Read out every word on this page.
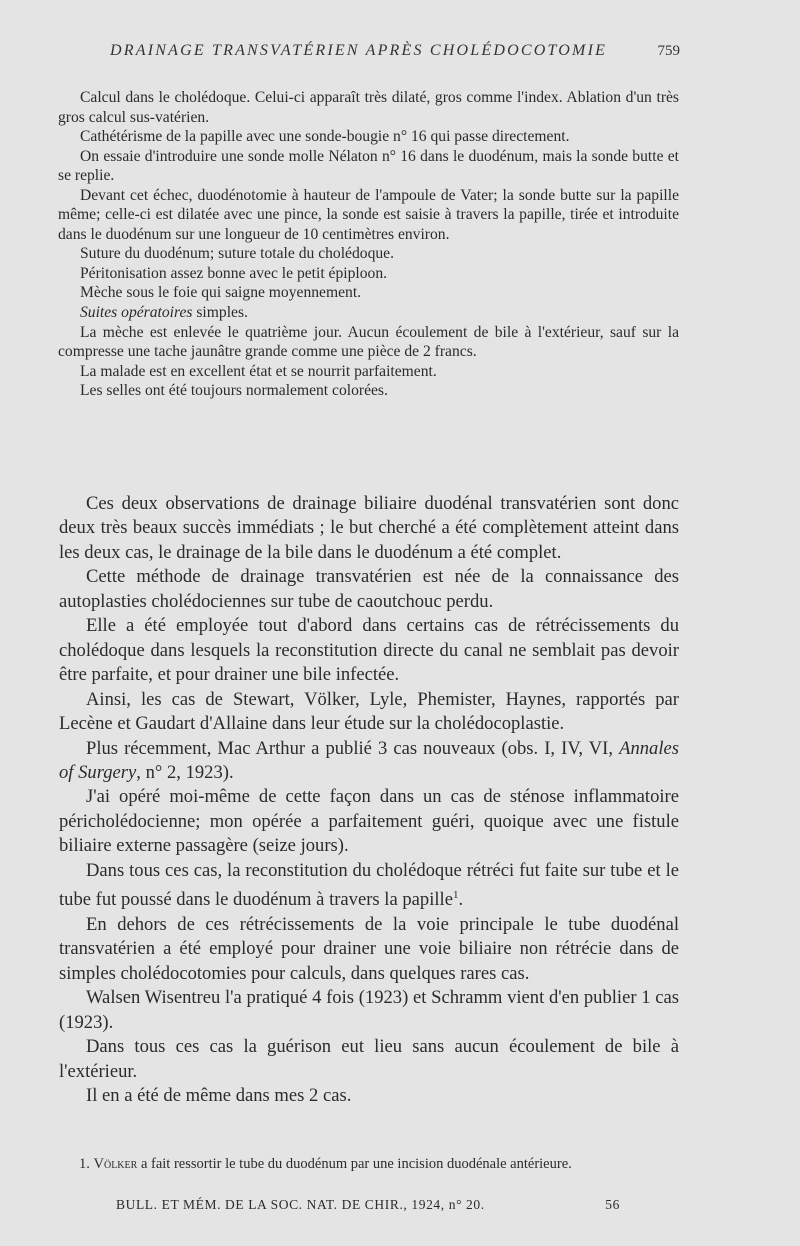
DRAINAGE TRANSVATÉRIEN APRÈS CHOLÉDOCOTOMIE	759

Calcul dans le cholédoque. Celui-ci apparaît très dilaté, gros comme l'index. Ablation d'un très gros calcul sus-vatérien.

Cathétérisme de la papille avec une sonde-bougie n° 16 qui passe directement.

On essaie d'introduire une sonde molle Nélaton n° 16 dans le duodénum, mais la sonde butte et se replie.

Devant cet échec, duodénotomie à hauteur de l'ampoule de Vater; la sonde butte sur la papille même; celle-ci est dilatée avec une pince, la sonde est saisie à travers la papille, tirée et introduite dans le duodénum sur une longueur de 10 centimètres environ.

Suture du duodénum; suture totale du cholédoque.

Péritonisation assez bonne avec le petit épiploon.

Mèche sous le foie qui saigne moyennement.

Suites opératoires simples.

La mèche est enlevée le quatrième jour. Aucun écoulement de bile à l'extérieur, sauf sur la compresse une tache jaunâtre grande comme une pièce de 2 francs.

La malade est en excellent état et se nourrit parfaitement.

Les selles ont été toujours normalement colorées.

Ces deux observations de drainage biliaire duodénal transvatérien sont donc deux très beaux succès immédiats ; le but cherché a été complètement atteint dans les deux cas, le drainage de la bile dans le duodénum a été complet.

Cette méthode de drainage transvatérien est née de la connaissance des autoplasties cholédociennes sur tube de caoutchouc perdu.

Elle a été employée tout d'abord dans certains cas de rétrécissements du cholédoque dans lesquels la reconstitution directe du canal ne semblait pas devoir être parfaite, et pour drainer une bile infectée.

Ainsi, les cas de Stewart, Völker, Lyle, Phemister, Haynes, rapportés par Lecène et Gaudart d'Allaine dans leur étude sur la cholédocoplastie.

Plus récemment, Mac Arthur a publié 3 cas nouveaux (obs. I, IV, VI, Annales of Surgery, n° 2, 1923).

J'ai opéré moi-même de cette façon dans un cas de sténose inflammatoire péricholédocienne; mon opérée a parfaitement guéri, quoique avec une fistule biliaire externe passagère (seize jours).

Dans tous ces cas, la reconstitution du cholédoque rétréci fut faite sur tube et le tube fut poussé dans le duodénum à travers la papille$^1$.

En dehors de ces rétrécissements de la voie principale le tube duodénal transvatérien a été employé pour drainer une voie biliaire non rétrécie dans de simples cholédocotomies pour calculs, dans quelques rares cas.

Walsen Wisentreu l'a pratiqué 4 fois (1923) et Schramm vient d'en publier 1 cas (1923).

Dans tous ces cas la guérison eut lieu sans aucun écoulement de bile à l'extérieur.

Il en a été de même dans mes 2 cas.

1. Völker a fait ressortir le tube du duodénum par une incision duodénale antérieure.
BULL. ET MÉM. DE LA SOC. NAT. DE CHIR., 1924, n° 20.	56
